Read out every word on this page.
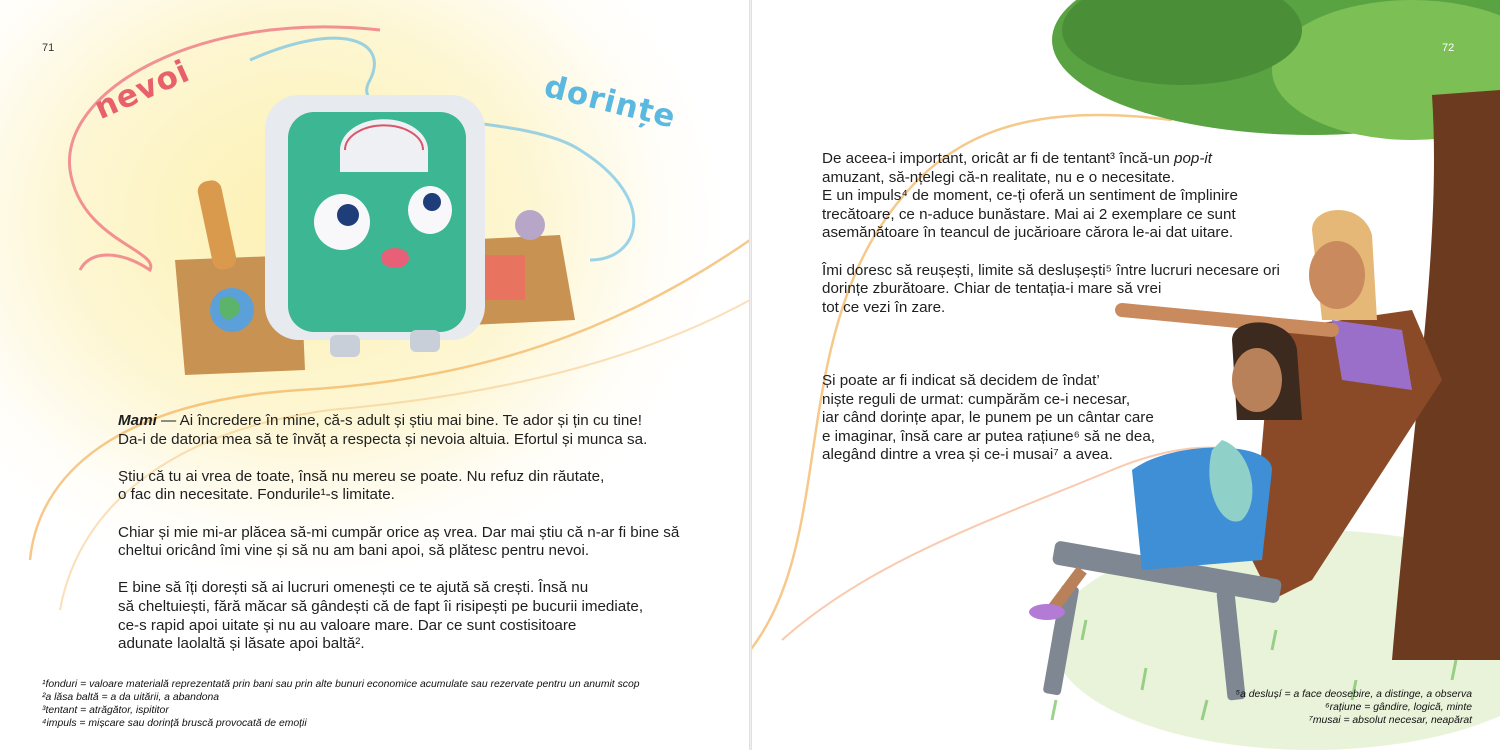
nevoi	dorințe
71

Mami — Ai încredere în mine, că-s adult și știu mai bine. Te ador și țin cu tine!
Da-i de datoria mea să te învăț a respecta și nevoia altuia. Efortul și munca sa.

Știu că tu ai vrea de toate, însă nu mereu se poate. Nu refuz din răutate,
o fac din necesitate. Fondurile¹-s limitate.

Chiar și mie mi-ar plăcea să-mi cumpăr orice aș vrea. Dar mai știu că n-ar fi bine să
cheltui oricând îmi vine și să nu am bani apoi, să plătesc pentru nevoi.

E bine să îți dorești să ai lucruri omenești ce te ajută să crești. Însă nu
să cheltuiești, fără măcar să gândești că de fapt îi risipești pe bucurii imediate,
ce-s rapid apoi uitate și nu au valoare mare. Dar ce sunt costisitoare
adunate laolaltă și lăsate apoi baltă².

¹fonduri = valoare materială reprezentată prin bani sau prin alte bunuri economice acumulate sau rezervate pentru un anumit scop
²a lăsa baltă = a da uitării, a abandona
³tentant = atrăgător, ispititor
⁴impuls = mișcare sau dorință bruscă provocată de emoții
72

De aceea-i important, oricât ar fi de tentant³ încă-un pop-it
amuzant, să-nțelegi că-n realitate, nu e o necesitate.
E un impuls⁴ de moment, ce-ți oferă un sentiment de împlinire
trecătoare, ce n-aduce bunăstare. Mai ai 2 exemplare ce sunt
asemănătoare în teancul de jucărioare cărora le-ai dat uitare.

Îmi doresc să reușești, limite să deslușești⁵ între lucruri necesare ori
dorințe zburătoare. Chiar de tentația-i mare să vrei
tot ce vezi în zare.

Și poate ar fi indicat să decidem de îndat’
niște reguli de urmat: cumpărăm ce-i necesar,
iar când dorințe apar, le punem pe un cântar care
e imaginar, însă care ar putea rațiune⁶ să ne dea,
alegând dintre a vrea și ce-i musai⁷ a avea.

⁵a deslușí = a face deosebire, a distinge, a observa
⁶rațiune = gândire, logică, minte
⁷musai = absolut necesar, neapărat
